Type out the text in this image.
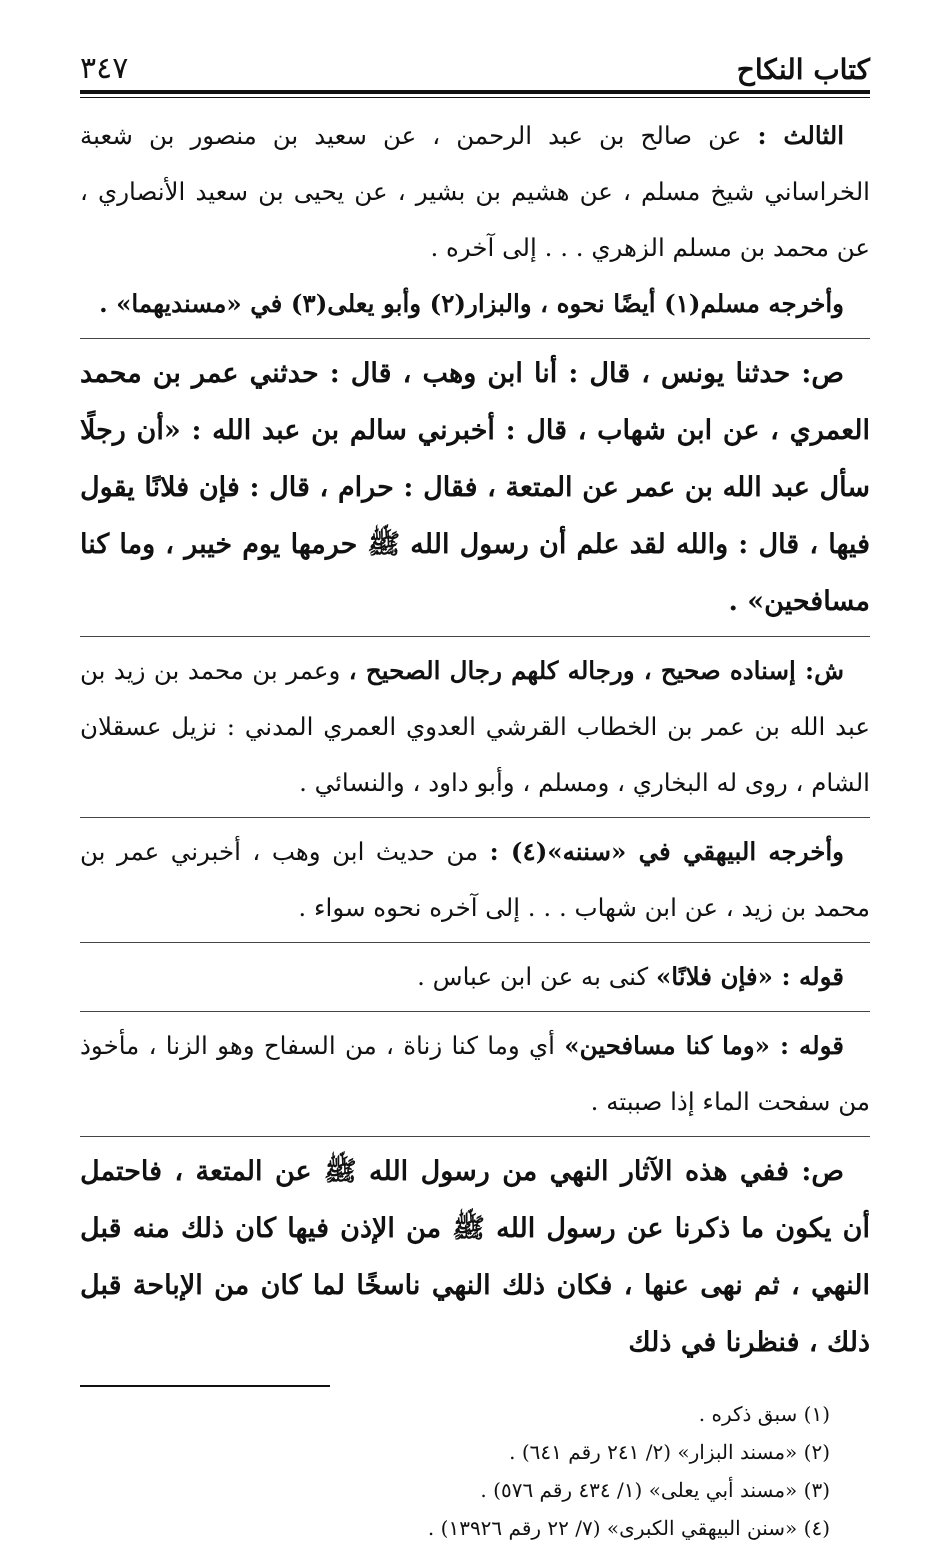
كتاب النكاح
٣٤٧

الثالث : عن صالح بن عبد الرحمن ، عن سعيد بن منصور بن شعبة الخراساني شيخ مسلم ، عن هشيم بن بشير ، عن يحيى بن سعيد الأنصاري ، عن محمد بن مسلم الزهري . . . إلى آخره .

وأخرجه مسلم(١) أيضًا نحوه ، والبزار(٢) وأبو يعلى(٣) في «مسنديهما» .

ص: حدثنا يونس ، قال : أنا ابن وهب ، قال : حدثني عمر بن محمد العمري ، عن ابن شهاب ، قال : أخبرني سالم بن عبد الله : «أن رجلًا سأل عبد الله بن عمر عن المتعة ، فقال : حرام ، قال : فإن فلانًا يقول فيها ، قال : والله لقد علم أن رسول الله ﷺ حرمها يوم خيبر ، وما كنا مسافحين» .

ش: إسناده صحيح ، ورجاله كلهم رجال الصحيح ، وعمر بن محمد بن زيد بن عبد الله بن عمر بن الخطاب القرشي العدوي العمري المدني : نزيل عسقلان الشام ، روى له البخاري ، ومسلم ، وأبو داود ، والنسائي .

وأخرجه البيهقي في «سننه»(٤) : من حديث ابن وهب ، أخبرني عمر بن محمد بن زيد ، عن ابن شهاب . . . إلى آخره نحوه سواء .

قوله : «فإن فلانًا» كنى به عن ابن عباس .

قوله : «وما كنا مسافحين» أي وما كنا زناة ، من السفاح وهو الزنا ، مأخوذ من سفحت الماء إذا صببته .

ص: ففي هذه الآثار النهي من رسول الله ﷺ عن المتعة ، فاحتمل أن يكون ما ذكرنا عن رسول الله ﷺ من الإذن فيها كان ذلك منه قبل النهي ، ثم نهى عنها ، فكان ذلك النهي ناسخًا لما كان من الإباحة قبل ذلك ، فنظرنا في ذلك

(١) سبق ذكره .

(٢) «مسند البزار» (٢/ ٢٤١ رقم ٦٤١) .

(٣) «مسند أبي يعلى» (١/ ٤٣٤ رقم ٥٧٦) .

(٤) «سنن البيهقي الكبرى» (٧/ ٢٢ رقم ١٣٩٢٦) .
